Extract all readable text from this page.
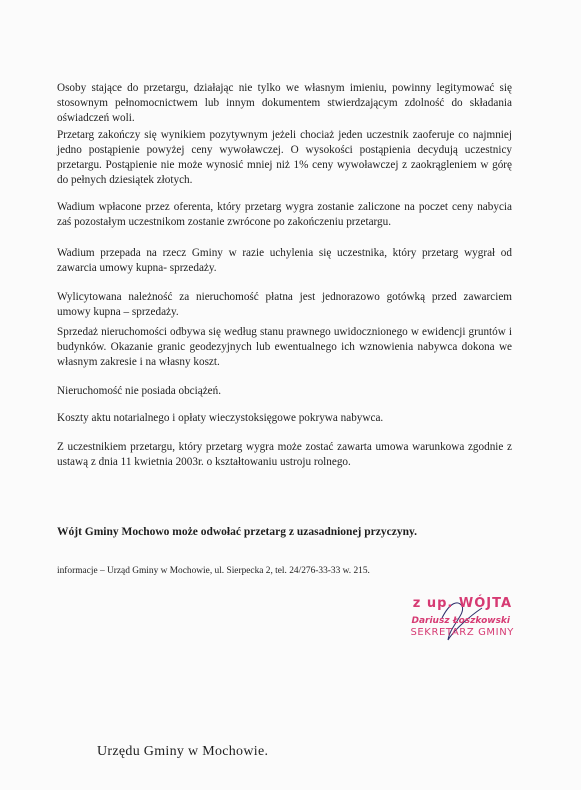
Osoby stające do przetargu, działając nie tylko we własnym imieniu, powinny legitymować się stosownym pełnomocnictwem lub innym dokumentem stwierdzającym zdolność do składania oświadczeń woli.

Przetarg zakończy się wynikiem pozytywnym jeżeli chociaż jeden uczestnik zaoferuje co najmniej jedno postąpienie powyżej ceny wywoławczej. O wysokości postąpienia decydują uczestnicy przetargu. Postąpienie nie może wynosić mniej niż 1% ceny wywoławczej z zaokrągleniem w górę do pełnych dziesiątek złotych.

Wadium wpłacone przez oferenta, który przetarg wygra zostanie zaliczone na poczet ceny nabycia zaś pozostałym uczestnikom zostanie zwrócone po zakończeniu przetargu.

Wadium przepada na rzecz Gminy w razie uchylenia się uczestnika, który przetarg wygrał od zawarcia umowy kupna- sprzedaży.

Wylicytowana należność za nieruchomość płatna jest jednorazowo gotówką przed zawarciem umowy kupna – sprzedaży.

Sprzedaż nieruchomości odbywa się według stanu prawnego uwidocznionego w ewidencji gruntów i budynków. Okazanie granic geodezyjnych lub ewentualnego ich wznowienia nabywca dokona we własnym zakresie i na własny koszt.

Nieruchomość nie posiada obciążeń.

Koszty aktu notarialnego i opłaty wieczystoksięgowe pokrywa nabywca.

Z uczestnikiem przetargu, który przetarg wygra może zostać zawarta umowa warunkowa zgodnie z ustawą z dnia 11 kwietnia 2003r. o kształtowaniu ustroju rolnego.

Wójt Gminy Mochowo może odwołać przetarg z uzasadnionej przyczyny.

informacje – Urząd Gminy w Mochowie, ul. Sierpecka 2, tel. 24/276-33-33 w. 215.

z up. WÓJTA
Dariusz Łoszkowski
SEKRETARZ GMINY

Urzędu Gminy w Mochowie.
